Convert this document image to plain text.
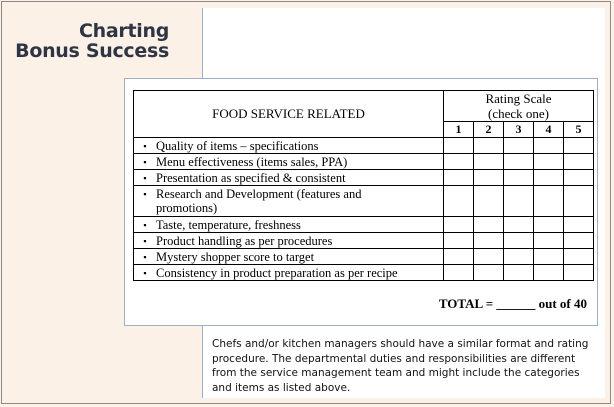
Charting
Bonus Success
FOOD SERVICE RELATED	Rating Scale
(check one)				

	1	2	3	4	5

▪ Quality of items – specifications					

▪ Menu effectiveness (items sales, PPA)					

▪ Presentation as specified & consistent					

▪ Research and Development (features and promotions)					

▪ Taste, temperature, freshness					

▪ Product handling as per procedures					

▪ Mystery shopper score to target					

▪ Consistency in product preparation as per recipe					

TOTAL = ______ out of 40
Chefs and/or kitchen managers should have a similar format and rating procedure. The departmental duties and responsibilities are different from the service management team and might include the categories and items as listed above.
